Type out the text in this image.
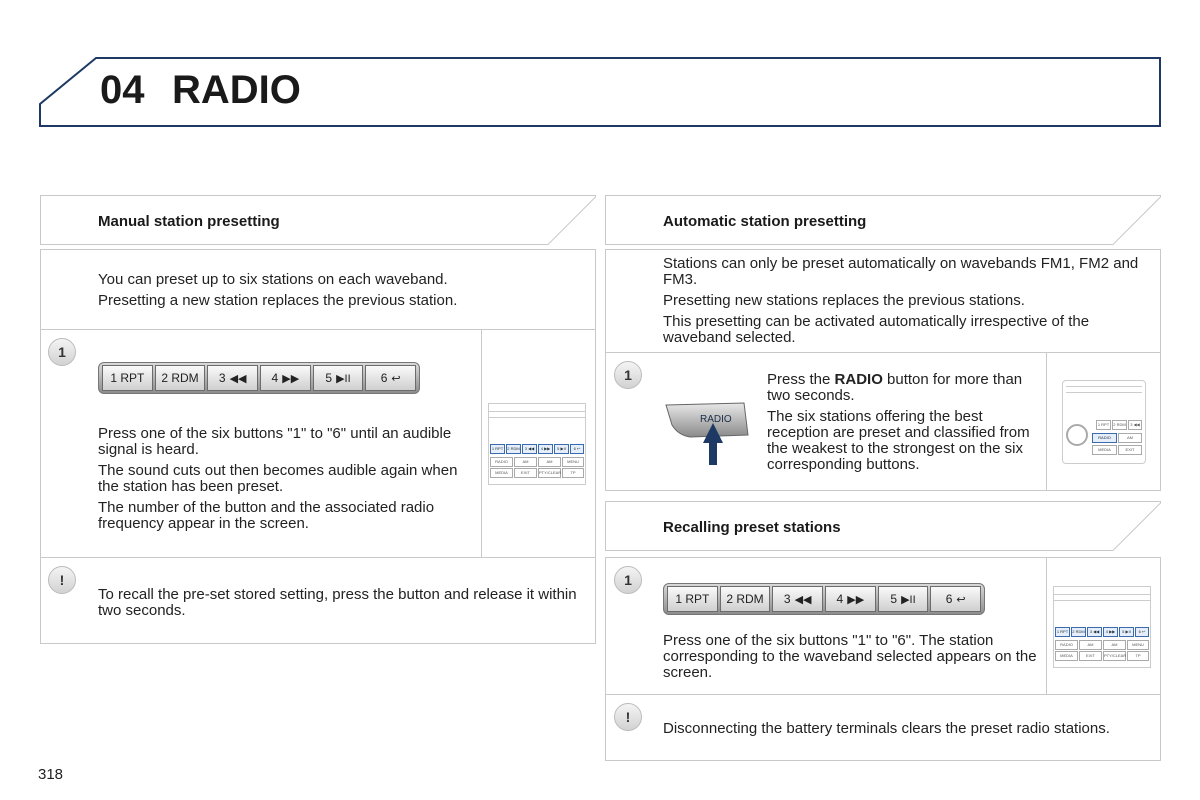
04 RADIO
Manual station presetting

You can preset up to six stations on each waveband.

Presetting a new station replaces the previous station.

1
1 RPT 2 RDM 3 ◀◀ 4 ▶▶ 5 ▶II	6 ↩

Press one of the six buttons "1" to "6" until an audible signal is heard.

The sound cuts out then becomes audible again when the station has been preset.

The number of the button and the associated radio frequency appear in the screen.

1 RPT	2 RDM	3 ◀◀	4 ▶▶	5 ▶II	6 ↩
RADIO	AM	AM	MENU
MEDIA	EXIT	PTY/CLEAR	TP
!

To recall the pre-set stored setting, press the button and release it within two seconds.

Automatic station presetting

Stations can only be preset automatically on wavebands FM1, FM2 and FM3.

Presetting new stations replaces the previous stations.

This presetting can be activated automatically irrespective of the waveband selected.

1
RADIO

Press the RADIO button for more than two seconds.

The six stations offering the best reception are preset and classified from the weakest to the strongest on the six corresponding buttons.

1 RPT	2 RDM	3 ◀◀
RADIO	AM
MEDIA	EXIT
Recalling preset stations
1
1 RPT 2 RDM 3 ◀◀ 4 ▶▶ 5 ▶II	6 ↩

Press one of the six buttons "1" to "6". The station corresponding to the waveband selected appears on the screen.

1 RPT	2 RDM	3 ◀◀	4 ▶▶	5 ▶II	6 ↩
RADIO	AM	AM	MENU
MEDIA	EXIT	PTY/CLEAR	TP
!

Disconnecting the battery terminals clears the preset radio stations.

318
